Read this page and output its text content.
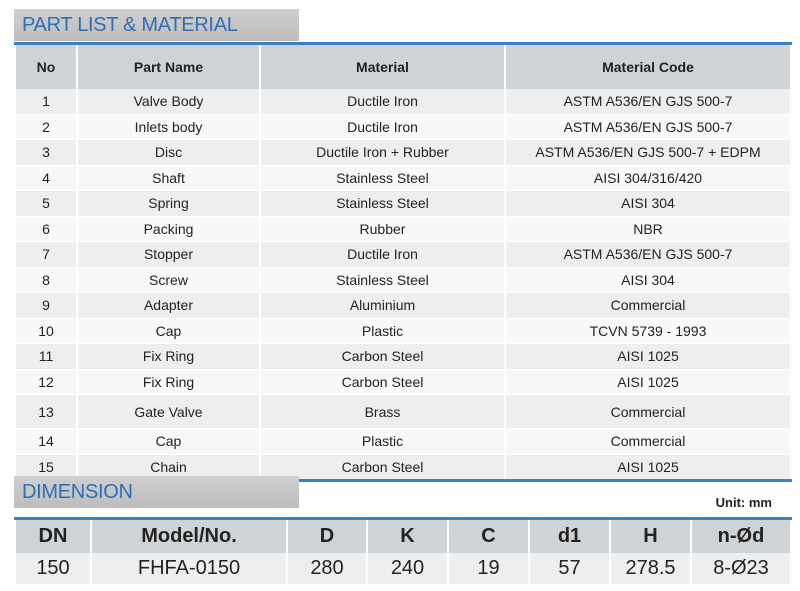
PART LIST & MATERIAL
No	Part Name	Material	Material Code
1	Valve Body	Ductile Iron	ASTM A536/EN GJS 500-7
2	Inlets body	Ductile Iron	ASTM A536/EN GJS 500-7
3	Disc	Ductile Iron + Rubber	ASTM A536/EN GJS 500-7 + EDPM
4	Shaft	Stainless Steel	AISI 304/316/420
5	Spring	Stainless Steel	AISI 304
6	Packing	Rubber	NBR
7	Stopper	Ductile Iron	ASTM A536/EN GJS 500-7
8	Screw	Stainless Steel	AISI 304
9	Adapter	Aluminium	Commercial
10	Cap	Plastic	TCVN 5739 - 1993
11	Fix Ring	Carbon Steel	AISI 1025
12	Fix Ring	Carbon Steel	AISI 1025
13	Gate Valve	Brass	Commercial
14	Cap	Plastic	Commercial
15	Chain	Carbon Steel	AISI 1025
DIMENSION	Unit: mm
DN	Model/No.	D	K	C	d1	H	n-Ød
150	FHFA-0150	280	240	19	57	278.5	8-Ø23
